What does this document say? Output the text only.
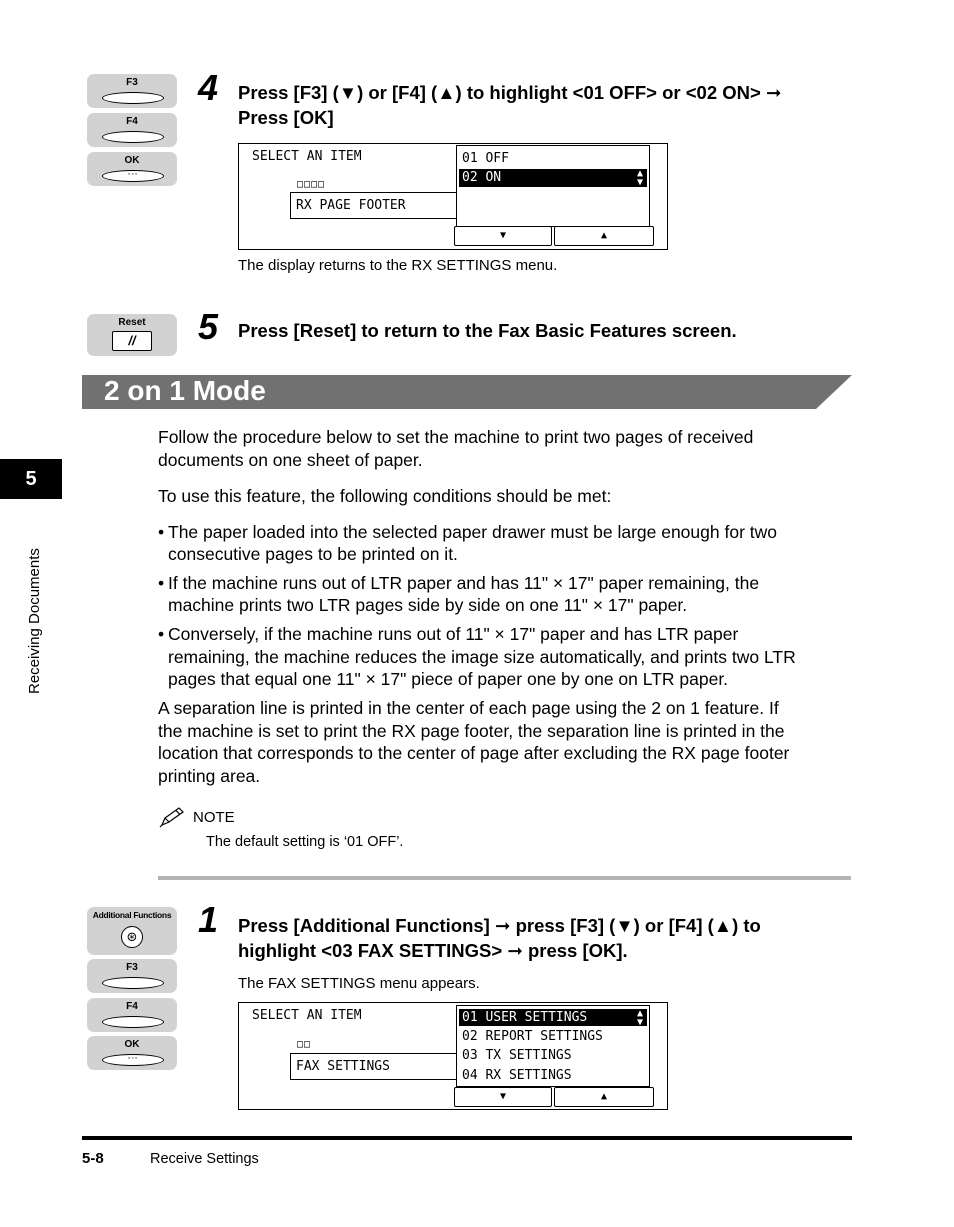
F3
F4
OK
◦◦◦
4 Press [F3] (▼) or [F4] (▲) to highlight <01 OFF> or <02 ON> ➞
Press [OK]
SELECT AN ITEM
□□□□
RX PAGE FOOTER
01 OFF
02 ON	▲
▼
▼	▲
The display returns to the RX SETTINGS menu.
Reset
//	5 Press [Reset] to return to the Fax Basic Features screen.
2 on 1 Mode
5
Receiving Documents
Follow the procedure below to set the machine to print two pages of received
documents on one sheet of paper.
To use this feature, the following conditions should be met:
• The paper loaded into the selected paper drawer must be large enough for two
consecutive pages to be printed on it.
• If the machine runs out of LTR paper and has 11" × 17" paper remaining, the
machine prints two LTR pages side by side on one 11" × 17" paper.
• Conversely, if the machine runs out of 11" × 17" paper and has LTR paper
remaining, the machine reduces the image size automatically, and prints two LTR
pages that equal one 11" × 17" piece of paper one by one on LTR paper.
A separation line is printed in the center of each page using the 2 on 1 feature. If
the machine is set to print the RX page footer, the separation line is printed in the
location that corresponds to the center of page after excluding the RX page footer
printing area.
NOTE
The default setting is ‘01 OFF’.
Additional Functions
⊛
F3
F4
OK
◦◦◦
1 Press [Additional Functions] ➞ press [F3] (▼) or [F4] (▲) to
highlight <03 FAX SETTINGS> ➞ press [OK].
The FAX SETTINGS menu appears.
SELECT AN ITEM
□□
FAX SETTINGS
01 USER SETTINGS	▲
▼
02 REPORT SETTINGS
03 TX SETTINGS
04 RX SETTINGS
▼	▲
5-8	Receive Settings
